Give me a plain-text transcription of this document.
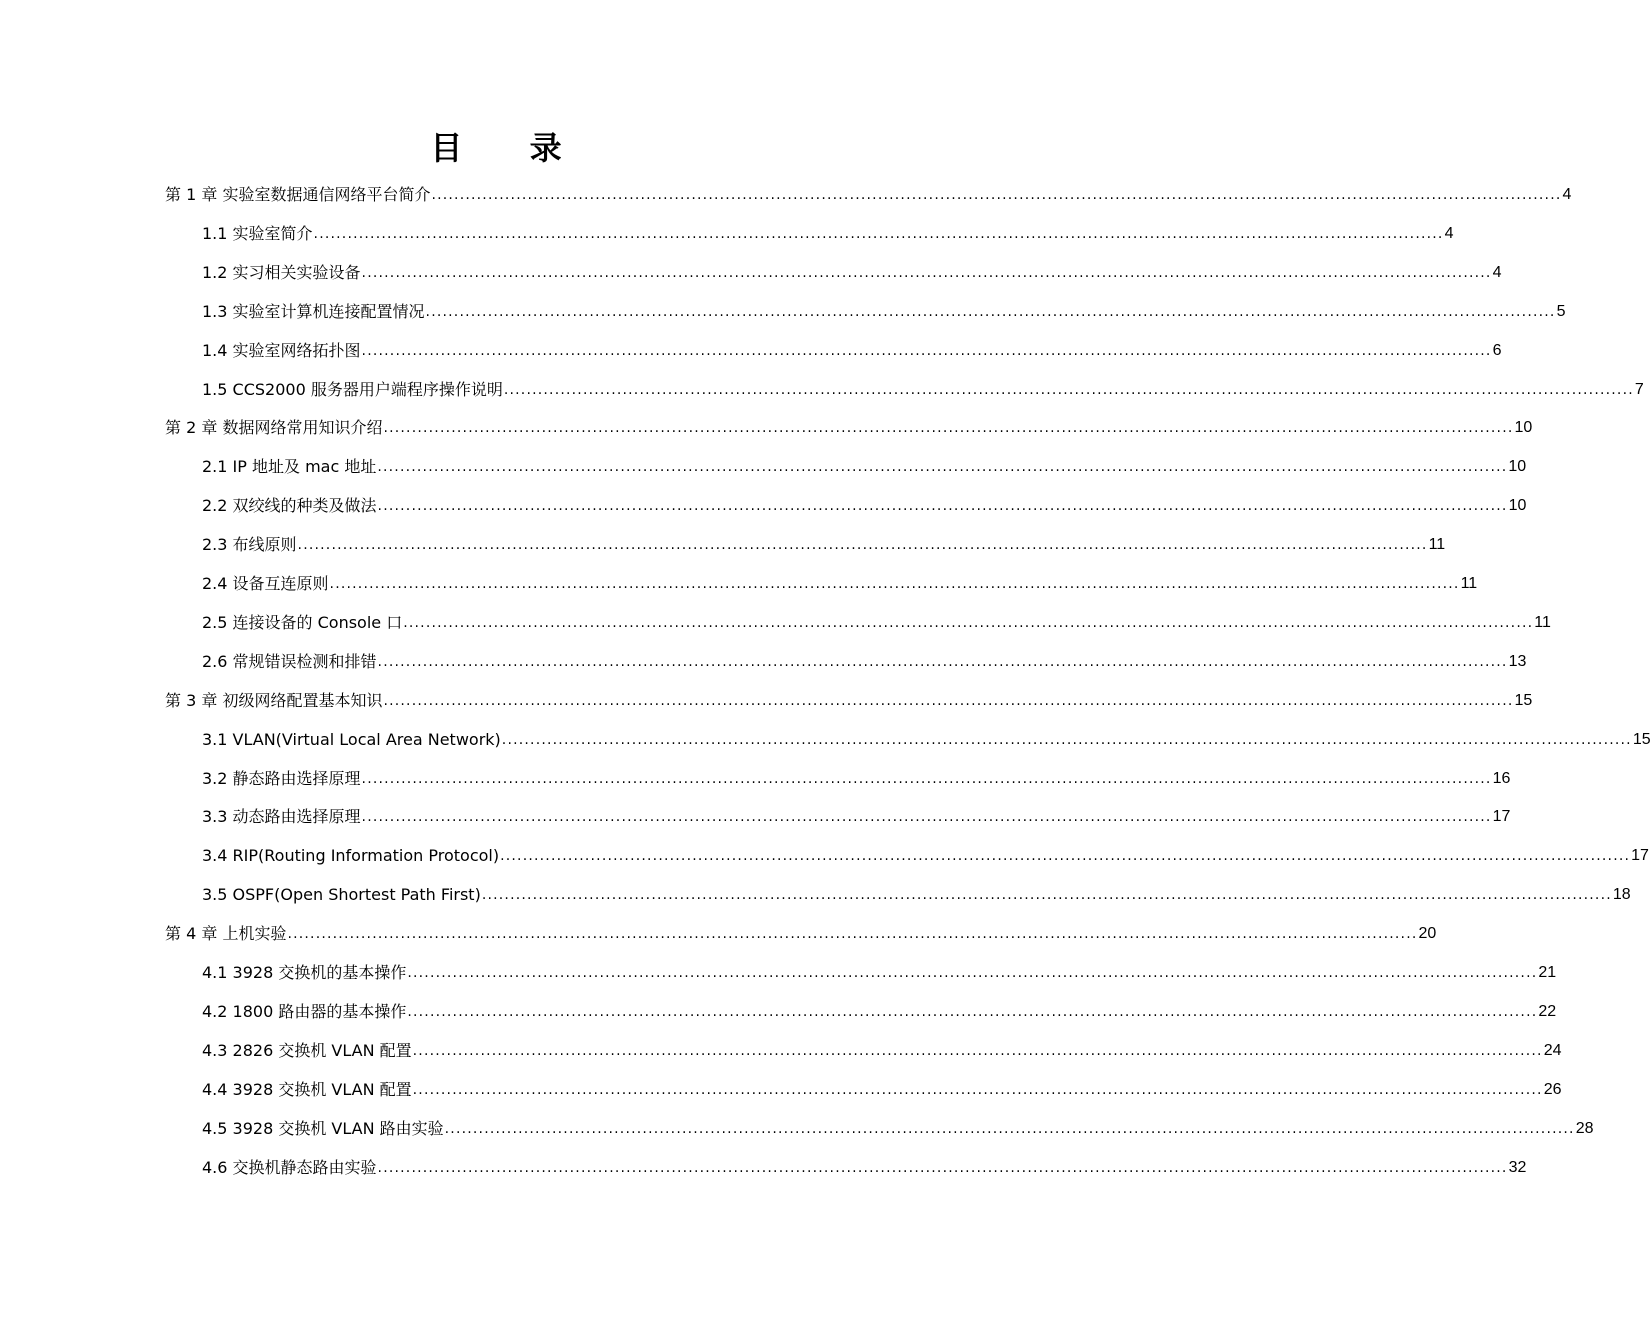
目 录
第 1 章 实验室数据通信网络平台简介 ........................................................................................................................................................................................................ 4
1.1 实验室简介 ........................................................................................................................................................................................................ 4
1.2 实习相关实验设备 ........................................................................................................................................................................................................ 4
1.3 实验室计算机连接配置情况 ........................................................................................................................................................................................................ 5
1.4 实验室网络拓扑图 ........................................................................................................................................................................................................ 6
1.5 CCS2000 服务器用户端程序操作说明 ........................................................................................................................................................................................................ 7
第 2 章 数据网络常用知识介绍 ........................................................................................................................................................................................................ 10
2.1 IP 地址及 mac 地址 ........................................................................................................................................................................................................ 10
2.2 双绞线的种类及做法 ........................................................................................................................................................................................................ 10
2.3 布线原则 ........................................................................................................................................................................................................ 11
2.4 设备互连原则 ........................................................................................................................................................................................................ 11
2.5 连接设备的 Console 口 ........................................................................................................................................................................................................ 11
2.6 常规错误检测和排错 ........................................................................................................................................................................................................ 13
第 3 章 初级网络配置基本知识 ........................................................................................................................................................................................................ 15
3.1 VLAN(Virtual Local Area Network) ........................................................................................................................................................................................................ 15
3.2 静态路由选择原理 ........................................................................................................................................................................................................ 16
3.3 动态路由选择原理 ........................................................................................................................................................................................................ 17
3.4 RIP(Routing Information Protocol) ........................................................................................................................................................................................................ 17
3.5 OSPF(Open Shortest Path First) ........................................................................................................................................................................................................ 18
第 4 章 上机实验 ........................................................................................................................................................................................................ 20
4.1 3928 交换机的基本操作 ........................................................................................................................................................................................................ 21
4.2 1800 路由器的基本操作 ........................................................................................................................................................................................................ 22
4.3 2826 交换机 VLAN 配置 ........................................................................................................................................................................................................ 24
4.4 3928 交换机 VLAN 配置 ........................................................................................................................................................................................................ 26
4.5 3928 交换机 VLAN 路由实验 ........................................................................................................................................................................................................ 28
4.6 交换机静态路由实验 ........................................................................................................................................................................................................ 32
